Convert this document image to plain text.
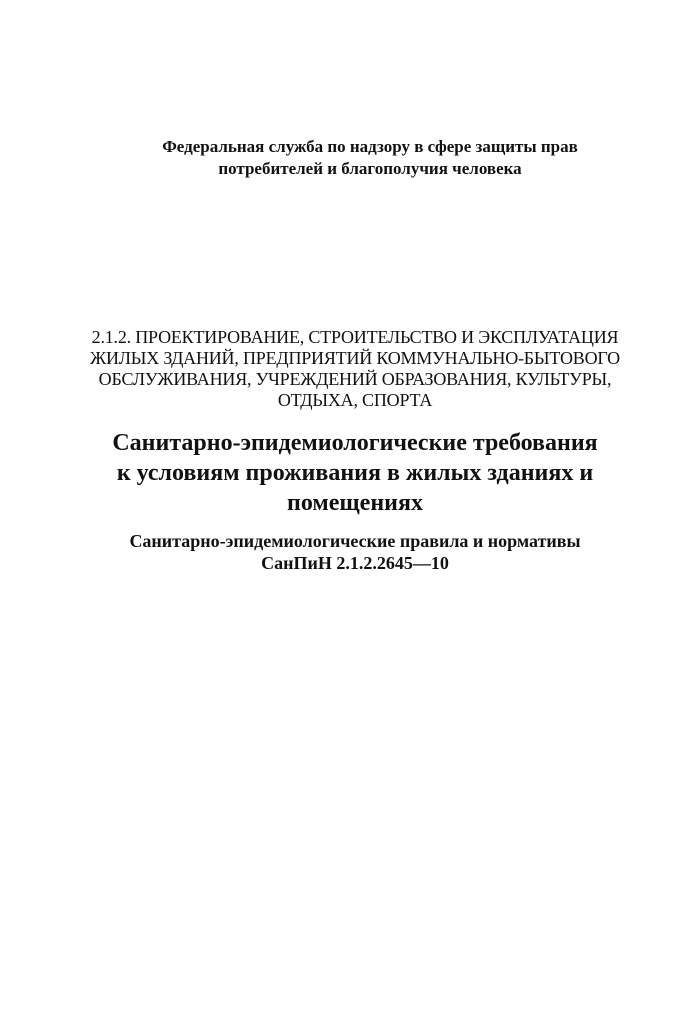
Федеральная служба по надзору в сфере защиты прав
потребителей и благополучия человека
2.1.2. ПРОЕКТИРОВАНИЕ, СТРОИТЕЛЬСТВО И ЭКСПЛУАТАЦИЯ
ЖИЛЫХ ЗДАНИЙ, ПРЕДПРИЯТИЙ КОММУНАЛЬНО-БЫТОВОГО
ОБСЛУЖИВАНИЯ, УЧРЕЖДЕНИЙ ОБРАЗОВАНИЯ, КУЛЬТУРЫ,
ОТДЫХА, СПОРТА
Санитарно-эпидемиологические требования
к условиям проживания в жилых зданиях и
помещениях
Санитарно-эпидемиологические правила и нормативы
СанПиН 2.1.2.2645—10
